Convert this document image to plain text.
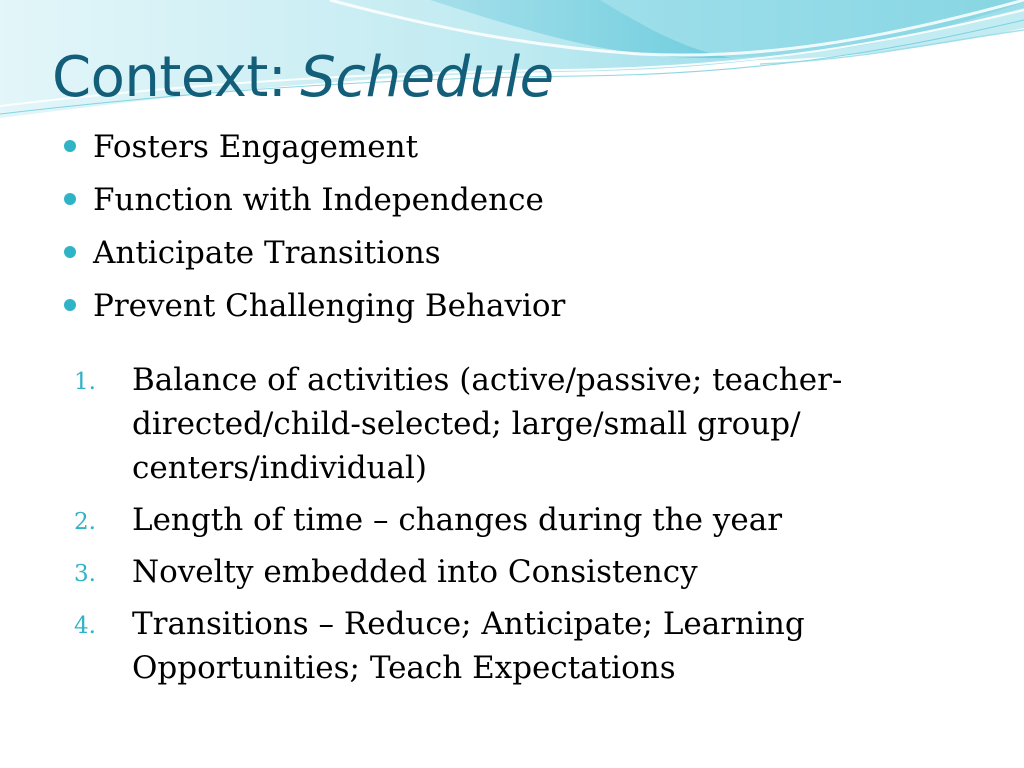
Context: Schedule
Fosters Engagement
Function with Independence
Anticipate Transitions
Prevent Challenging Behavior
1. Balance of activities (active/passive; teacher-directed/child-selected; large/small group/ centers/individual)
2. Length of time – changes during the year
3. Novelty embedded into Consistency
4. Transitions – Reduce; Anticipate; Learning Opportunities; Teach Expectations
